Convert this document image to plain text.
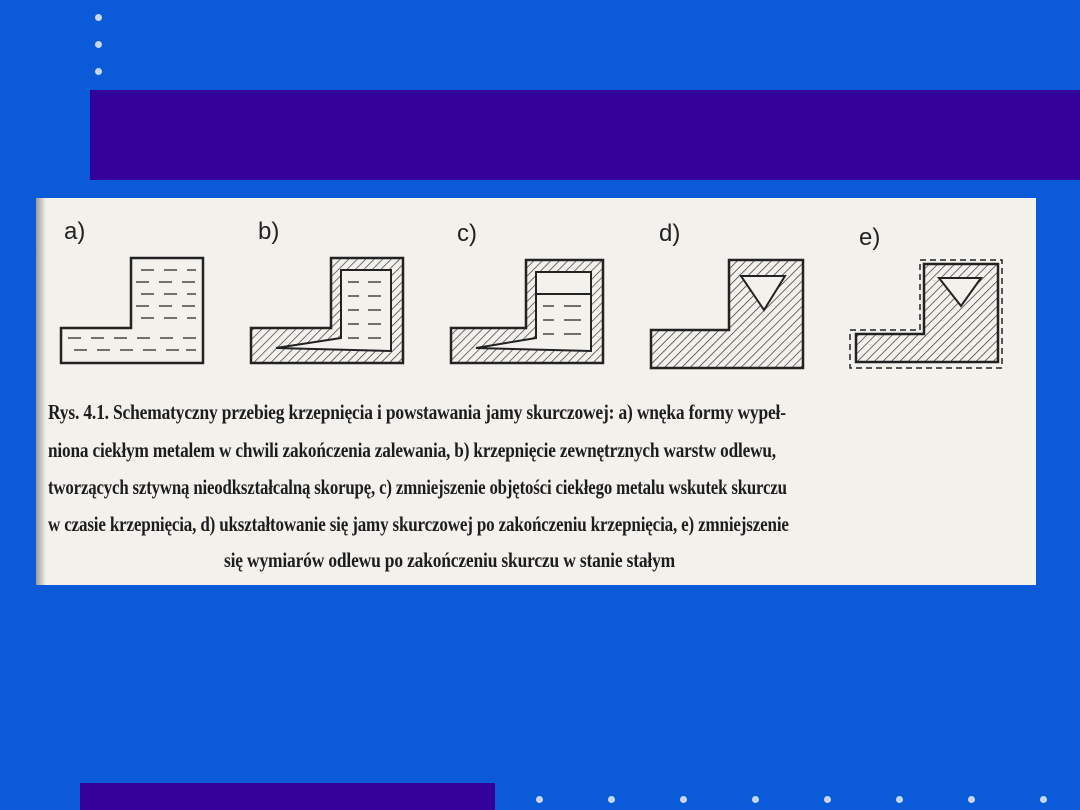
a)	b)	c)	d)	e)
Rys. 4.1. Schematyczny przebieg krzepnięcia i powstawania jamy skurczowej: a) wnęka formy wypeł-
niona ciekłym metalem w chwili zakończenia zalewania, b) krzepnięcie zewnętrznych warstw odlewu,
tworzących sztywną nieodkształcalną skorupę, c) zmniejszenie objętości ciekłego metalu wskutek skurczu
w czasie krzepnięcia, d) ukształtowanie się jamy skurczowej po zakończeniu krzepnięcia, e) zmniejszenie
się wymiarów odlewu po zakończeniu skurczu w stanie stałym
